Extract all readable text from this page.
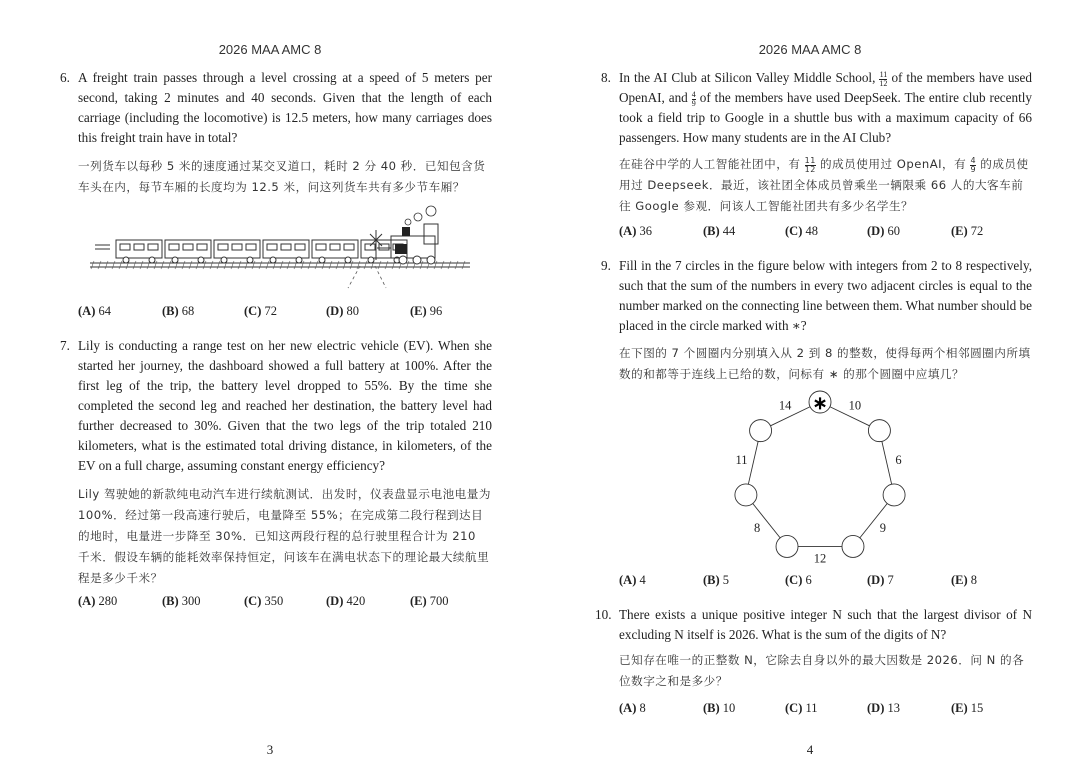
2026 MAA AMC 8
6. A freight train passes through a level crossing at a speed of 5 meters per second, taking 2 minutes and 40 seconds. Given that the length of each carriage (including the locomotive) is 12.5 meters, how many carriages does this freight train have in total?
一列货车以每秒 5 米的速度通过某交叉道口，耗时 2 分 40 秒．已知包含货车头在内，每节车厢的长度均为 12.5 米，问这列货车共有多少节车厢？
(A) 64	(B) 68	(C) 72	(D) 80	(E) 96
7. Lily is conducting a range test on her new electric vehicle (EV). When she started her journey, the dashboard showed a full battery at 100%. After the first leg of the trip, the battery level dropped to 55%. By the time she completed the second leg and reached her destination, the battery level had further decreased to 30%. Given that the two legs of the trip totaled 210 kilometers, what is the estimated total driving distance, in kilometers, of the EV on a full charge, assuming constant energy efficiency?
Lily 驾驶她的新款纯电动汽车进行续航测试．出发时，仪表盘显示电池电量为 100%．经过第一段高速行驶后，电量降至 55%；在完成第二段行程到达目的地时，电量进一步降至 30%．已知这两段行程的总行驶里程合计为 210 千米．假设车辆的能耗效率保持恒定，问该车在满电状态下的理论最大续航里程是多少千米？
(A) 280	(B) 300	(C) 350	(D) 420	(E) 700
3
2026 MAA AMC 8
8. In the AI Club at Silicon Valley Middle School, $\frac{11}{12}$ of the members have used OpenAI, and $\frac{4}{9}$ of the members have used DeepSeek. The entire club recently took a field trip to Google in a shuttle bus with a maximum capacity of 66 passengers. How many students are in the AI Club?
在硅谷中学的人工智能社团中，有 $\frac{11}{12}$ 的成员使用过 OpenAI，有 $\frac{4}{9}$ 的成员使用过 Deepseek．最近，该社团全体成员曾乘坐一辆限乘 66 人的大客车前往 Google 参观．问该人工智能社团共有多少名学生？
(A) 36	(B) 44	(C) 48	(D) 60	(E) 72
9. Fill in the 7 circles in the figure below with integers from 2 to 8 respectively, such that the sum of the numbers in every two adjacent circles is equal to the number marked on the connecting line between them. What number should be placed in the circle marked with ∗?
在下图的 7 个圆圈内分别填入从 2 到 8 的整数，使得每两个相邻圆圈内所填数的和都等于连线上已给的数，问标有 ∗ 的那个圆圈中应填几？
∗ 10
6
9
12
8
11
14
(A) 4	(B) 5	(C) 6	(D) 7	(E) 8
10. There exists a unique positive integer N such that the largest divisor of N excluding N itself is 2026. What is the sum of the digits of N?
已知存在唯一的正整数 N，它除去自身以外的最大因数是 2026．问 N 的各位数字之和是多少？
(A) 8	(B) 10	(C) 11	(D) 13	(E) 15
4
